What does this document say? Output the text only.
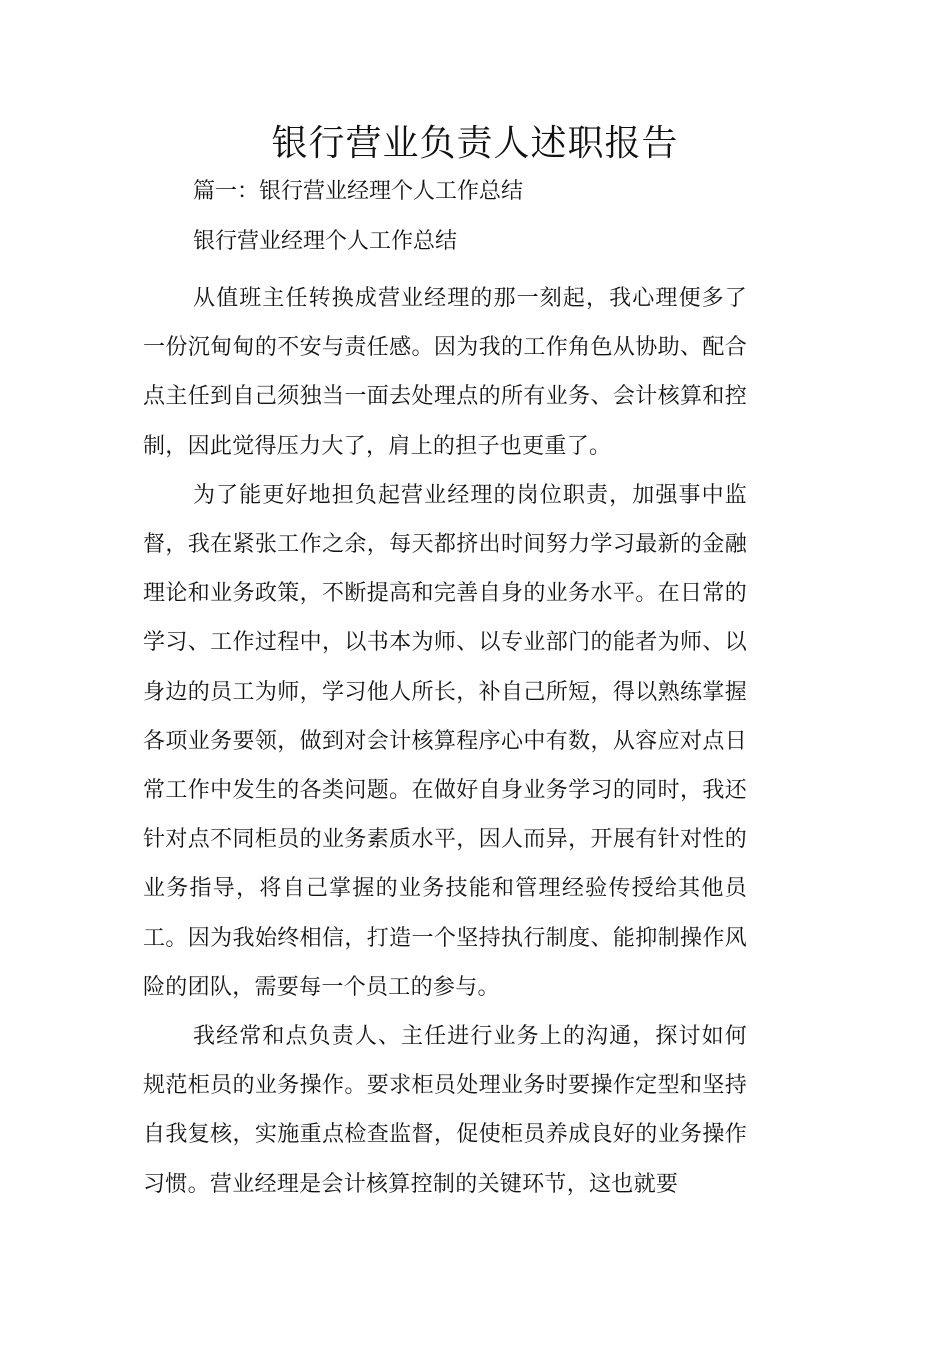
银行营业负责人述职报告

篇一：银行营业经理个人工作总结

银行营业经理个人工作总结

从值班主任转换成营业经理的那一刻起，我心理便多了一份沉甸甸的不安与责任感。因为我的工作角色从协助、配合点主任到自己须独当一面去处理点的所有业务、会计核算和控制，因此觉得压力大了，肩上的担子也更重了。

为了能更好地担负起营业经理的岗位职责，加强事中监督，我在紧张工作之余，每天都挤出时间努力学习最新的金融理论和业务政策，不断提高和完善自身的业务水平。在日常的学习、工作过程中，以书本为师、以专业部门的能者为师、以身边的员工为师，学习他人所长，补自己所短，得以熟练掌握各项业务要领，做到对会计核算程序心中有数，从容应对点日常工作中发生的各类问题。在做好自身业务学习的同时，我还针对点不同柜员的业务素质水平，因人而异，开展有针对性的业务指导，将自己掌握的业务技能和管理经验传授给其他员工。因为我始终相信，打造一个坚持执行制度、能抑制操作风险的团队，需要每一个员工的参与。

我经常和点负责人、主任进行业务上的沟通，探讨如何规范柜员的业务操作。要求柜员处理业务时要操作定型和坚持自我复核，实施重点检查监督，促使柜员养成良好的业务操作习惯。营业经理是会计核算控制的关键环节，这也就要
